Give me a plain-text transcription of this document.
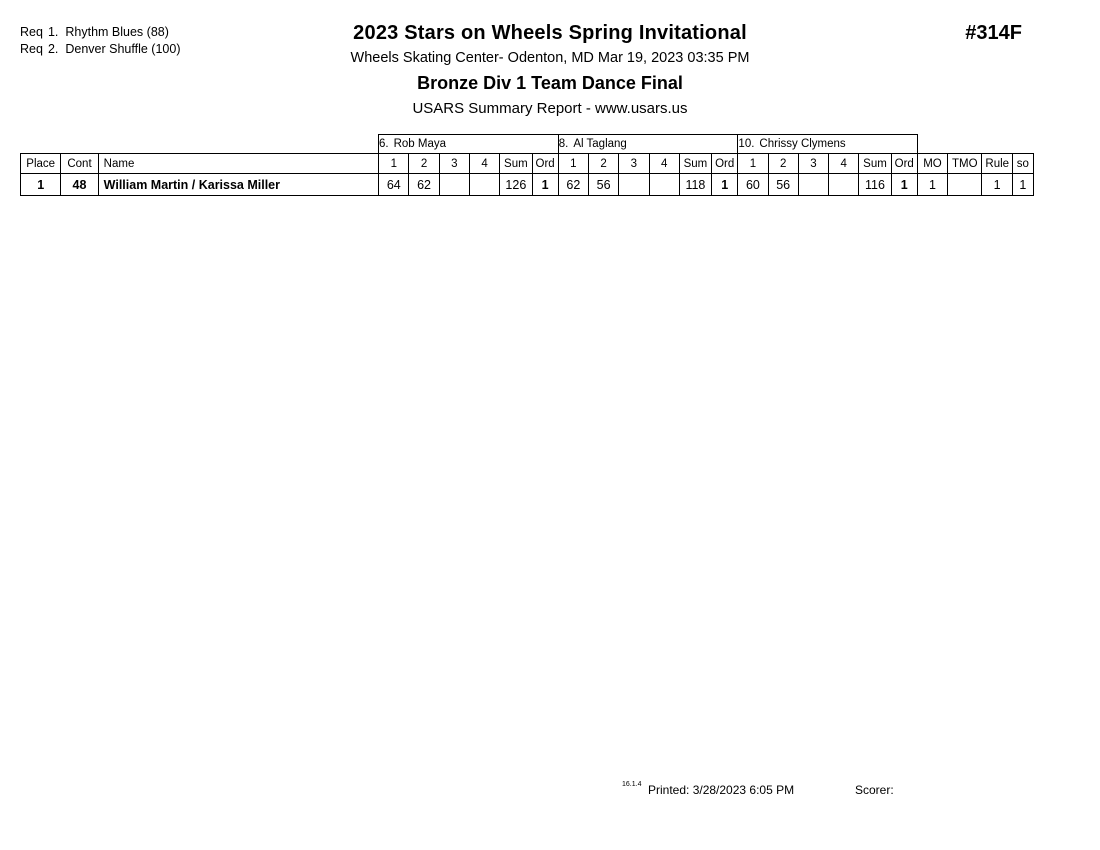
Req 1. Rhythm Blues (88)
Req 2. Denver Shuffle (100)
2023 Stars on Wheels Spring Invitational
Wheels Skating Center- Odenton, MD Mar 19, 2023 03:35 PM
Bronze Div 1 Team Dance Final
USARS Summary Report - www.usars.us
#314F
	6. Rob Maya	8. Al Taglang	10. Chrissy Clymens	
Place	Cont	Name	1	2	3	4	Sum	Ord	1	2	3	4	Sum	Ord	1	2	3	4	Sum	Ord	MO	TMO	Rule	so
1	48	William Martin / Karissa Miller	64	62			126	1	62	56			118	1	60	56			116	1	1		1	1
16.1.4 Printed: 3/28/2023 6:05 PM	Scorer:
